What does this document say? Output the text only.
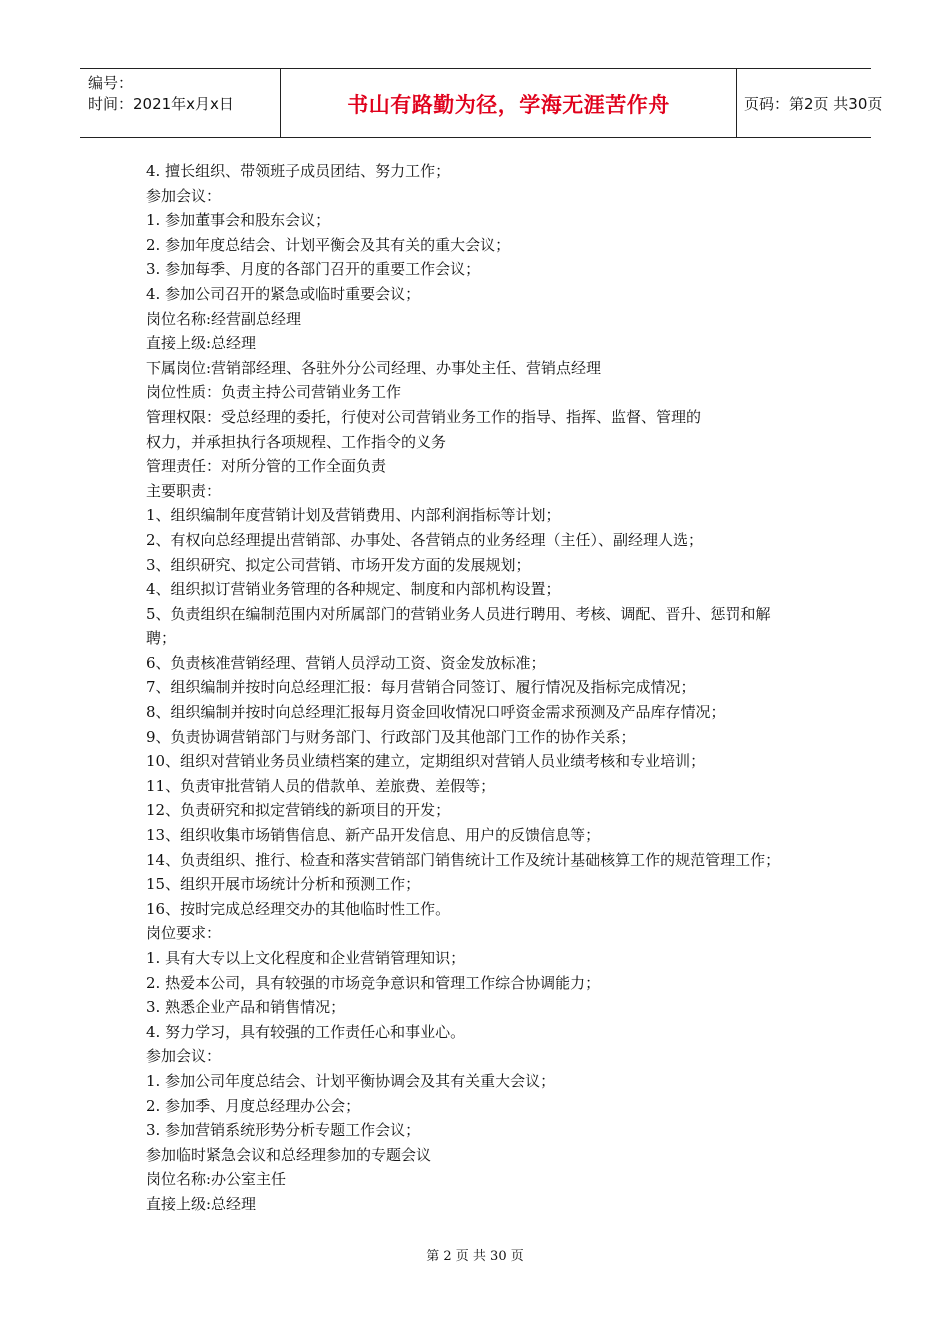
编号：
时间：2021年x月x日	书山有路勤为径，学海无涯苦作舟	页码：第2页 共30页
4. 擅长组织、带领班子成员团结、努力工作；
参加会议：
1. 参加董事会和股东会议；
2. 参加年度总结会、计划平衡会及其有关的重大会议；
3. 参加每季、月度的各部门召开的重要工作会议；
4. 参加公司召开的紧急或临时重要会议；
岗位名称:经营副总经理
直接上级:总经理
下属岗位:营销部经理、各驻外分公司经理、办事处主任、营销点经理
岗位性质：负责主持公司营销业务工作
管理权限：受总经理的委托，行使对公司营销业务工作的指导、指挥、监督、管理的
权力，并承担执行各项规程、工作指令的义务
管理责任：对所分管的工作全面负责
主要职责：
1、组织编制年度营销计划及营销费用、内部利润指标等计划；
2、有权向总经理提出营销部、办事处、各营销点的业务经理（主任）、副经理人选；
3、组织研究、拟定公司营销、市场开发方面的发展规划；
4、组织拟订营销业务管理的各种规定、制度和内部机构设置；
5、负责组织在编制范围内对所属部门的营销业务人员进行聘用、考核、调配、晋升、惩罚和解
聘；
6、负责核准营销经理、营销人员浮动工资、资金发放标准；
7、组织编制并按时向总经理汇报：每月营销合同签订、履行情况及指标完成情况；
8、组织编制并按时向总经理汇报每月资金回收情况口呼资金需求预测及产品库存情况；
9、负责协调营销部门与财务部门、行政部门及其他部门工作的协作关系；
10、组织对营销业务员业绩档案的建立，定期组织对营销人员业绩考核和专业培训；
11、负责审批营销人员的借款单、差旅费、差假等；
12、负责研究和拟定营销线的新项目的开发；
13、组织收集市场销售信息、新产品开发信息、用户的反馈信息等；
14、负责组织、推行、检查和落实营销部门销售统计工作及统计基础核算工作的规范管理工作；
15、组织开展市场统计分析和预测工作；
16、按时完成总经理交办的其他临时性工作。
岗位要求：
1. 具有大专以上文化程度和企业营销管理知识；
2. 热爱本公司，具有较强的市场竞争意识和管理工作综合协调能力；
3. 熟悉企业产品和销售情况；
4. 努力学习，具有较强的工作责任心和事业心。
参加会议：
1. 参加公司年度总结会、计划平衡协调会及其有关重大会议；
2. 参加季、月度总经理办公会；
3. 参加营销系统形势分析专题工作会议；
参加临时紧急会议和总经理参加的专题会议
岗位名称:办公室主任
直接上级:总经理
第 2 页 共 30 页
